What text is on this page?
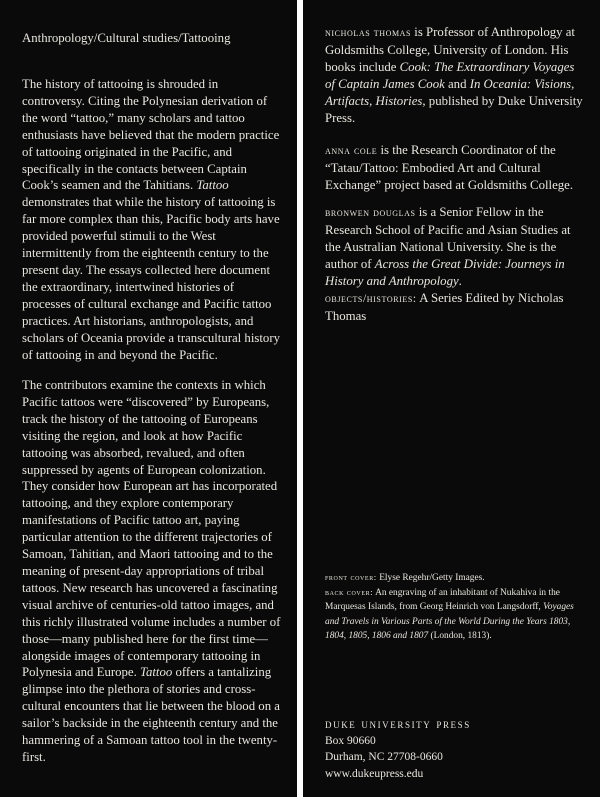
Anthropology/Cultural studies/Tattooing

The history of tattooing is shrouded in controversy. Citing the Polynesian derivation of the word “tattoo,” many scholars and tattoo enthusiasts have believed that the modern practice of tattooing originated in the Pacific, and specifically in the contacts between Captain Cook’s seamen and the Tahitians. Tattoo demonstrates that while the history of tattooing is far more complex than this, Pacific body arts have provided powerful stimuli to the West intermittently from the eighteenth century to the present day. The essays collected here document the extraordinary, intertwined histories of processes of cultural exchange and Pacific tattoo practices. Art historians, anthropologists, and scholars of Oceania provide a transcultural history of tattooing in and beyond the Pacific.

The contributors examine the contexts in which Pacific tattoos were “discovered” by Europeans, track the history of the tattooing of Europeans visiting the region, and look at how Pacific tattooing was absorbed, revalued, and often suppressed by agents of European colonization. They consider how European art has incorporated tattooing, and they explore contemporary manifestations of Pacific tattoo art, paying particular attention to the different trajectories of Samoan, Tahitian, and Maori tattooing and to the meaning of present-day appropriations of tribal tattoos. New research has uncovered a fascinating visual archive of centuries-old tattoo images, and this richly illustrated volume includes a number of those—many published here for the first time—alongside images of contemporary tattooing in Polynesia and Europe. Tattoo offers a tantalizing glimpse into the plethora of stories and cross-cultural encounters that lie between the blood on a sailor’s backside in the eighteenth century and the hammering of a Samoan tattoo tool in the twenty-first.

nicholas thomas is Professor of Anthropology at Goldsmiths College, University of London. His books include Cook: The Extraordinary Voyages of Captain James Cook and In Oceania: Visions, Artifacts, Histories, published by Duke University Press.

anna cole is the Research Coordinator of the “Tatau/Tattoo: Embodied Art and Cultural Exchange” project based at Goldsmiths College.

bronwen douglas is a Senior Fellow in the Research School of Pacific and Asian Studies at the Australian National University. She is the author of Across the Great Divide: Journeys in History and Anthropology.

objects/histories: A Series Edited by Nicholas Thomas

front cover: Elyse Regehr/Getty Images.
back cover: An engraving of an inhabitant of Nukahiva in the Marquesas Islands, from Georg Heinrich von Langsdorff, Voyages and Travels in Various Parts of the World During the Years 1803, 1804, 1805, 1806 and 1807 (London, 1813).
duke university press
Box 90660
Durham, NC 27708-0660
www.dukeupress.edu
